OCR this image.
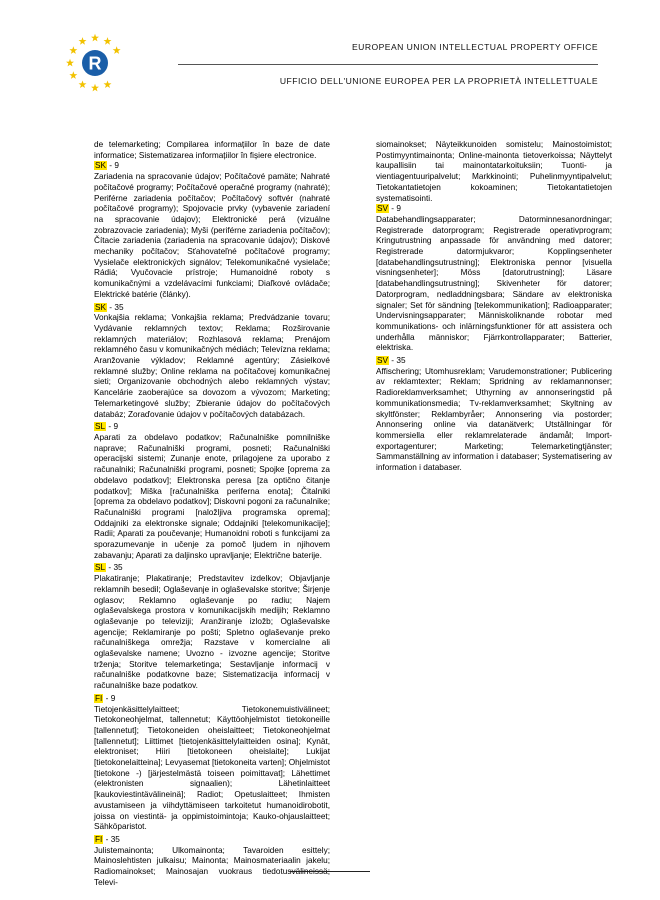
R
EUROPEAN UNION INTELLECTUAL PROPERTY OFFICE
UFFICIO DELL'UNIONE EUROPEA PER LA PROPRIETÀ INTELLETTUALE
de telemarketing; Compilarea informațiilor în baze de date informatice; Sistematizarea informațiilor în fișiere electronice.
SK - 9
Zariadenia na spracovanie údajov; Počítačové pamäte; Nahraté počítačové programy; Počítačové operačné programy (nahraté); Periférne zariadenia počítačov; Počítačový softvér (nahraté počítačové programy); Spojovacie prvky (vybavenie zariadení na spracovanie údajov); Elektronické perá (vizuálne zobrazovacie zariadenia); Myši (periférne zariadenia počítačov); Čítacie zariadenia (zariadenia na spracovanie údajov); Diskové mechaniky počítačov; Sťahovateľné počítačové programy; Vysielače elektronických signálov; Telekomunikačné vysielače; Rádiá; Vyučovacie prístroje; Humanoidné roboty s komunikačnými a vzdelávacími funkciami; Diaľkové ovládače; Elektrické batérie (články).
SK - 35
Vonkajšia reklama; Vonkajšia reklama; Predvádzanie tovaru; Vydávanie reklamných textov; Reklama; Rozširovanie reklamných materiálov; Rozhlasová reklama; Prenájom reklamného času v komunikačných médiách; Televízna reklama; Aranžovanie výkladov; Reklamné agentúry; Zásielkové reklamné služby; Online reklama na počítačovej komunikačnej sieti; Organizovanie obchodných alebo reklamných výstav; Kancelárie zaoberajúce sa dovozom a vývozom; Marketing; Telemarketingové služby; Zbieranie údajov do počítačových databáz; Zoraďovanie údajov v počítačových databázach.
SL - 9
Aparati za obdelavo podatkov; Računalniške pomnilniške naprave; Računalniški programi, posneti; Računalniški operacijski sistemi; Zunanje enote, prilagojene za uporabo z računalniki; Računalniški programi, posneti; Spojke [oprema za obdelavo podatkov]; Elektronska peresa [za optično čitanje podatkov]; Miška [računalniška periferna enota]; Čitalniki [oprema za obdelavo podatkov]; Diskovni pogoni za računalnike; Računalniški programi [naložljiva programska oprema]; Oddajniki za elektronske signale; Oddajniki [telekomunikacije]; Radii; Aparati za poučevanje; Humanoidni roboti s funkcijami za sporazumevanje in učenje za pomoč ljudem in njihovem zabavanju; Aparati za daljinsko upravljanje; Električne baterije.
SL - 35
Plakatiranje; Plakatiranje; Predstavitev izdelkov; Objavljanje reklamnih besedil; Oglaševanje in oglaševalske storitve; Širjenje oglasov; Reklamno oglaševanje po radiu; Najem oglaševalskega prostora v komunikacijskih medijih; Reklamno oglaševanje po televiziji; Aranžiranje izložb; Oglaševalske agencije; Reklamiranje po pošti; Spletno oglaševanje preko računalniškega omrežja; Razstave v komercialne ali oglaševalske namene; Uvozno - izvozne agencije; Storitve trženja; Storitve telemarketinga; Sestavljanje informacij v računalniške podatkovne baze; Sistematizacija informacij v računalniške baze podatkov.
FI - 9
Tietojenkäsittelylaitteet; Tietokonemuistivälineet; Tietokoneohjelmat, tallennetut; Käyttöohjelmistot tietokoneille [tallennetut]; Tietokoneiden oheislaitteet; Tietokoneohjelmat [tallennetut]; Liittimet [tietojenkäsittelylaitteiden osina]; Kynät, elektroniset; Hiiri [tietokoneen oheislaite]; Lukijat [tietokonelaitteina]; Levyasemat [tietokoneita varten]; Ohjelmistot [tietokone -) [järjestelmästä toiseen poimittavat]; Lähettimet (elektronisten signaalien); Lähetinlaitteet [kaukoviestintävälineinä]; Radiot; Opetuslaitteet; Ihmisten avustamiseen ja viihdyttämiseen tarkoitetut humanoidirobotit, joissa on viestintä- ja oppimistoimintoja; Kauko-ohjauslaitteet; Sähköparistot.
FI - 35
Julistemainonta; Ulkomainonta; Tavaroiden esittely; Mainoslehtisten julkaisu; Mainonta; Mainosmateriaalin jakelu; Radiomainokset; Mainosajan vuokraus tiedotusvälineissä; Televi-
siomainokset; Näyteikkunoiden somistelu; Mainostoimistot; Postimyyntimainonta; Online-mainonta tietoverkoissa; Näyttelyt kaupallisiin tai mainontatarkoituksiin; Tuonti- ja vientiagentuuripalvelut; Markkinointi; Puhelinmyyntipalvelut; Tietokantatietojen kokoaminen; Tietokantatietojen systematisointi.
SV - 9
Databehandlingsapparater; Datorminnesanordningar; Registrerade datorprogram; Registrerade operativprogram; Kringutrustning anpassade för användning med datorer; Registrerade datormjukvaror; Kopplingsenheter [databehandlingsutrustning]; Elektroniska pennor [visuella visningsenheter]; Möss [datorutrustning]; Läsare [databehandlingsutrustning]; Skivenheter för datorer; Datorprogram, nedladdningsbara; Sändare av elektroniska signaler; Set för sändning [telekommunikation]; Radioapparater; Undervisningsapparater; Människoliknande robotar med kommunikations- och inlärningsfunktioner för att assistera och underhålla människor; Fjärrkontrollapparater; Batterier, elektriska.
SV - 35
Affischering; Utomhusreklam; Varudemonstrationer; Publicering av reklamtexter; Reklam; Spridning av reklamannonser; Radioreklamverksamhet; Uthyrning av annonseringstid på kommunikationsmedia; Tv-reklamverksamhet; Skyltning av skyltfönster; Reklambyråer; Annonsering via postorder; Annonsering online via datanätverk; Utställningar för kommersiella eller reklamrelaterade ändamål; Import-exportagenturer; Marketing; Telemarketingtjänster; Sammanställning av information i databaser; Systematisering av information i databaser.
